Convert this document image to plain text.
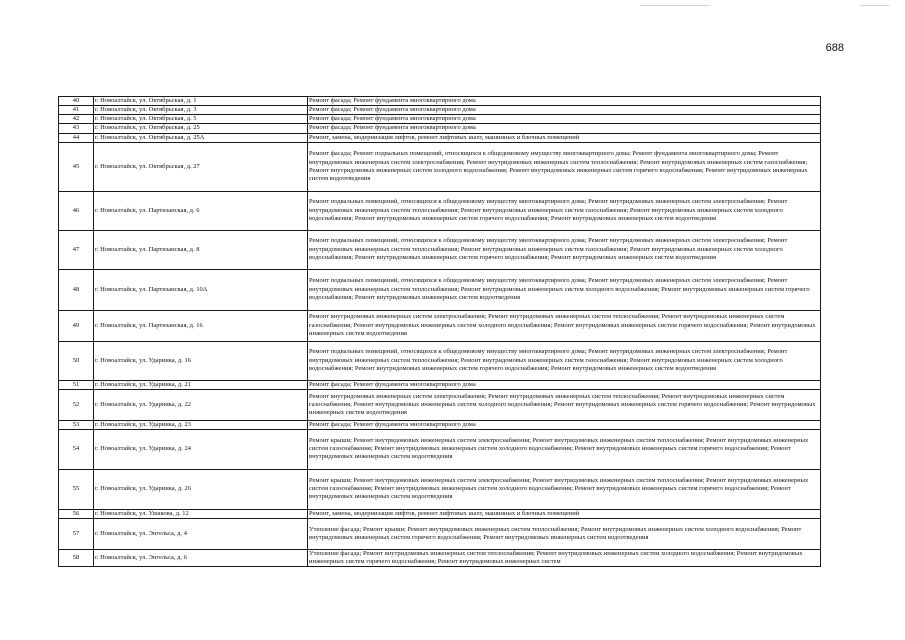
688
40	г. Новоалтайск, ул. Октябрьская, д. 1	Ремонт фасада; Ремонт фундамента многоквартирного дома
41	г. Новоалтайск, ул. Октябрьская, д. 3	Ремонт фасада; Ремонт фундамента многоквартирного дома
42	г. Новоалтайск, ул. Октябрьская, д. 5	Ремонт фасада; Ремонт фундамента многоквартирного дома
43	г. Новоалтайск, ул. Октябрьская, д. 25	Ремонт фасада; Ремонт фундамента многоквартирного дома
44	г. Новоалтайск, ул. Октябрьская, д. 25А	Ремонт, замена, модернизация лифтов, ремонт лифтовых шахт, машинных и блочных помещений
45	г. Новоалтайск, ул. Октябрьская, д. 27	Ремонт фасада; Ремонт подвальных помещений, относящихся к общедомовому имуществу многоквартирного дома; Ремонт фундамента многоквартирного дома; Ремонт внутридомовых инженерных систем электроснабжения; Ремонт внутридомовых инженерных систем теплоснабжения; Ремонт внутридомовых инженерных систем газоснабжения; Ремонт внутридомовых инженерных систем холодного водоснабжения; Ремонт внутридомовых инженерных систем горячего водоснабжения; Ремонт внутридомовых инженерных систем водоотведения
46	г. Новоалтайск, ул. Партизанская, д. 6	Ремонт подвальных помещений, относящихся к общедомовому имуществу многоквартирного дома; Ремонт внутридомовых инженерных систем электроснабжения; Ремонт внутридомовых инженерных систем теплоснабжения; Ремонт внутридомовых инженерных систем газоснабжения; Ремонт внутридомовых инженерных систем холодного водоснабжения; Ремонт внутридомовых инженерных систем горячего водоснабжения; Ремонт внутридомовых инженерных систем водоотведения
47	г. Новоалтайск, ул. Партизанская, д. 8	Ремонт подвальных помещений, относящихся к общедомовому имуществу многоквартирного дома; Ремонт внутридомовых инженерных систем электроснабжения; Ремонт внутридомовых инженерных систем теплоснабжения; Ремонт внутридомовых инженерных систем газоснабжения; Ремонт внутридомовых инженерных систем холодного водоснабжения; Ремонт внутридомовых инженерных систем горячего водоснабжения; Ремонт внутридомовых инженерных систем водоотведения
48	г. Новоалтайск, ул. Партизанская, д. 10А	Ремонт подвальных помещений, относящихся к общедомовому имуществу многоквартирного дома; Ремонт внутридомовых инженерных систем электроснабжения; Ремонт внутридомовых инженерных систем теплоснабжения; Ремонт внутридомовых инженерных систем холодного водоснабжения; Ремонт внутридомовых инженерных систем горячего водоснабжения; Ремонт внутридомовых инженерных систем водоотведения
49	г. Новоалтайск, ул. Партизанская, д. 16	Ремонт внутридомовых инженерных систем электроснабжения; Ремонт внутридомовых инженерных систем теплоснабжения; Ремонт внутридомовых инженерных систем газоснабжения; Ремонт внутридомовых инженерных систем холодного водоснабжения; Ремонт внутридомовых инженерных систем горячего водоснабжения; Ремонт внутридомовых инженерных систем водоотведения
50	г. Новоалтайск, ул. Ударника, д. 16	Ремонт подвальных помещений, относящихся к общедомовому имуществу многоквартирного дома; Ремонт внутридомовых инженерных систем электроснабжения; Ремонт внутридомовых инженерных систем теплоснабжения; Ремонт внутридомовых инженерных систем газоснабжения; Ремонт внутридомовых инженерных систем холодного водоснабжения; Ремонт внутридомовых инженерных систем горячего водоснабжения; Ремонт внутридомовых инженерных систем водоотведения
51	г. Новоалтайск, ул. Ударника, д. 21	Ремонт фасада; Ремонт фундамента многоквартирного дома
52	г. Новоалтайск, ул. Ударника, д. 22	Ремонт внутридомовых инженерных систем электроснабжения; Ремонт внутридомовых инженерных систем теплоснабжения; Ремонт внутридомовых инженерных систем газоснабжения; Ремонт внутридомовых инженерных систем холодного водоснабжения; Ремонт внутридомовых инженерных систем горячего водоснабжения; Ремонт внутридомовых инженерных систем водоотведения
53	г. Новоалтайск, ул. Ударника, д. 23	Ремонт фасада; Ремонт фундамента многоквартирного дома
54	г. Новоалтайск, ул. Ударника, д. 24	Ремонт крыши; Ремонт внутридомовых инженерных систем электроснабжения; Ремонт внутридомовых инженерных систем теплоснабжения; Ремонт внутридомовых инженерных систем газоснабжения; Ремонт внутридомовых инженерных систем холодного водоснабжения; Ремонт внутридомовых инженерных систем горячего водоснабжения; Ремонт внутридомовых инженерных систем водоотведения
55	г. Новоалтайск, ул. Ударника, д. 26	Ремонт крыши; Ремонт внутридомовых инженерных систем электроснабжения; Ремонт внутридомовых инженерных систем теплоснабжения; Ремонт внутридомовых инженерных систем газоснабжения; Ремонт внутридомовых инженерных систем холодного водоснабжения; Ремонт внутридомовых инженерных систем горячего водоснабжения; Ремонт внутридомовых инженерных систем водоотведения
56	г. Новоалтайск, ул. Ушакова, д. 12	Ремонт, замена, модернизация лифтов, ремонт лифтовых шахт, машинных и блочных помещений
57	г. Новоалтайск, ул. Энгельса, д. 4	Утепление фасада; Ремонт крыши; Ремонт внутридомовых инженерных систем теплоснабжения; Ремонт внутридомовых инженерных систем холодного водоснабжения; Ремонт внутридомовых инженерных систем горячего водоснабжения; Ремонт внутридомовых инженерных систем водоотведения
58	г. Новоалтайск, ул. Энгельса, д. 6	Утепление фасада; Ремонт внутридомовых инженерных систем теплоснабжения; Ремонт внутридомовых инженерных систем холодного водоснабжения; Ремонт внутридомовых инженерных систем горячего водоснабжения; Ремонт внутридомовых инженерных систем
